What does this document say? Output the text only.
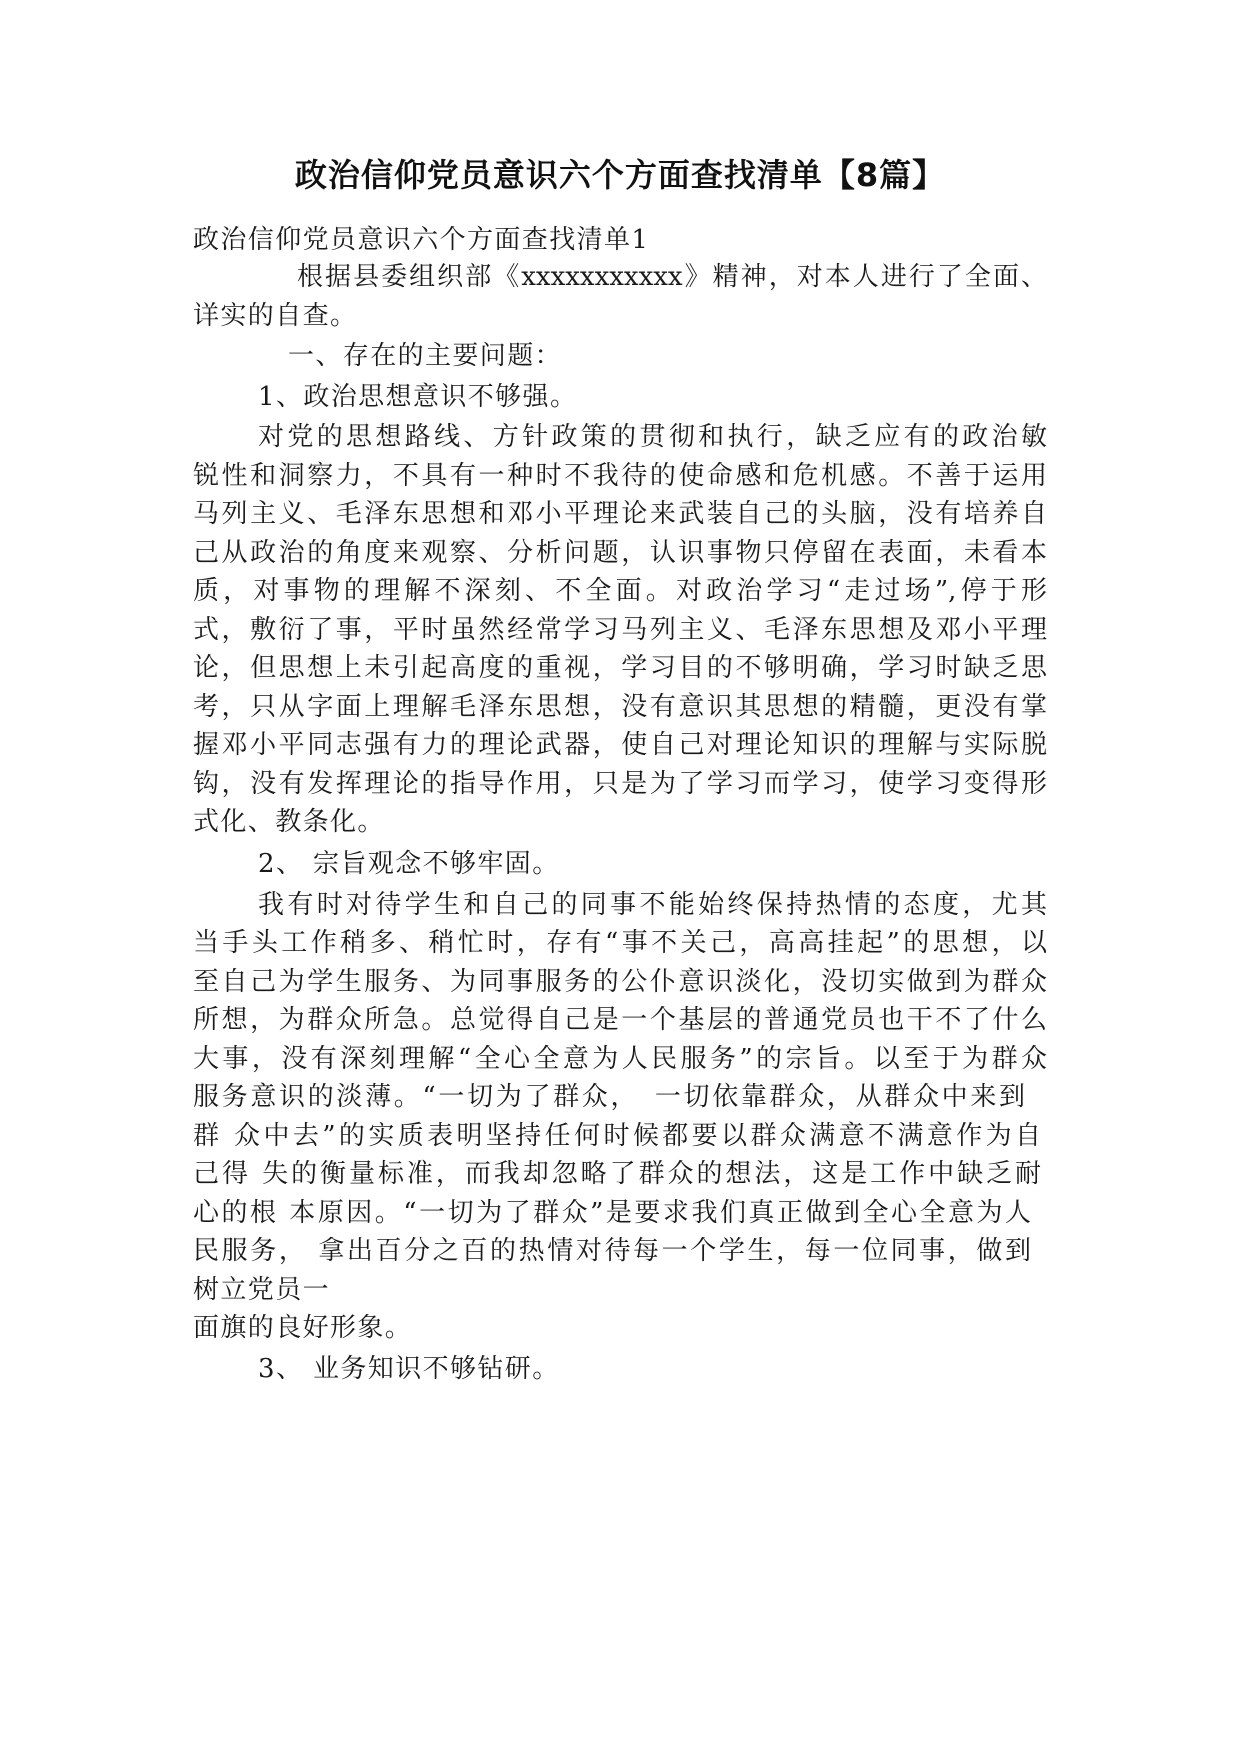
政治信仰党员意识六个方面查找清单【8篇】
政治信仰党员意识六个方面查找清单1
根据县委组织部《xxxxxxxxxxx》精神，对本人进行了全面、
详实的自查。
一、存在的主要问题：
1、政治思想意识不够强。
对党的思想路线、方针政策的贯彻和执行，缺乏应有的政治敏
锐性和洞察力，不具有一种时不我待的使命感和危机感。不善于运用
马列主义、毛泽东思想和邓小平理论来武装自己的头脑，没有培养自
己从政治的角度来观察、分析问题，认识事物只停留在表面，未看本
质，对事物的理解不深刻、不全面。对政治学习“走过场”,停于形
式，敷衍了事，平时虽然经常学习马列主义、毛泽东思想及邓小平理
论，但思想上未引起高度的重视，学习目的不够明确，学习时缺乏思
考，只从字面上理解毛泽东思想，没有意识其思想的精髓，更没有掌
握邓小平同志强有力的理论武器，使自己对理论知识的理解与实际脱
钩，没有发挥理论的指导作用，只是为了学习而学习，使学习变得形
式化、教条化。
2、 宗旨观念不够牢固。
我有时对待学生和自己的同事不能始终保持热情的态度，尤其
当手头工作稍多、稍忙时，存有“事不关己，高高挂起”的思想，以
至自己为学生服务、为同事服务的公仆意识淡化，没切实做到为群众
所想，为群众所急。总觉得自己是一个基层的普通党员也干不了什么
大事，没有深刻理解“全心全意为人民服务”的宗旨。以至于为群众
服务意识的淡薄。“一切为了群众，　一切依靠群众，从群众中来到
群 众中去”的实质表明坚持任何时候都要以群众满意不满意作为自
己得 失的衡量标准，而我却忽略了群众的想法，这是工作中缺乏耐
心的根 本原因。“一切为了群众”是要求我们真正做到全心全意为人
民服务， 拿出百分之百的热情对待每一个学生，每一位同事，做到
树立党员一
面旗的良好形象。
3、 业务知识不够钻研。
